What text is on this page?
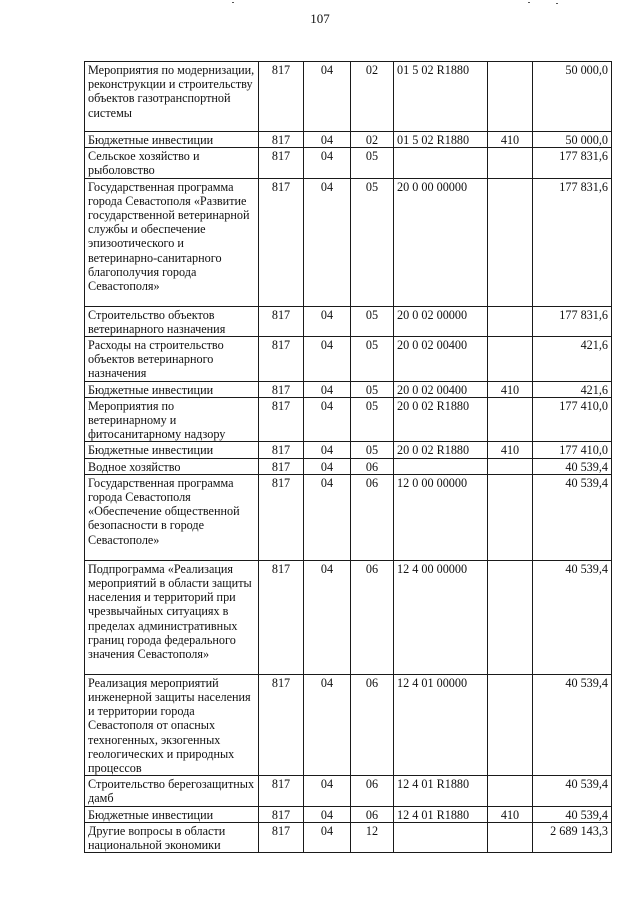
107
Мероприятия по модернизации, реконструкции и строительству объектов газотранспортной системы	817	04	02	01 5 02 R1880		50 000,0
Бюджетные инвестиции	817	04	02	01 5 02 R1880	410	50 000,0
Сельское хозяйство и рыболовство	817	04	05			177 831,6
Государственная программа города Севастополя «Развитие государственной ветеринарной службы и обеспечение эпизоотического и ветеринарно-санитарного благополучия города Севастополя»	817	04	05	20 0 00 00000		177 831,6
Строительство объектов ветеринарного назначения	817	04	05	20 0 02 00000		177 831,6
Расходы на строительство объектов ветеринарного назначения	817	04	05	20 0 02 00400		421,6
Бюджетные инвестиции	817	04	05	20 0 02 00400	410	421,6
Мероприятия по ветеринарному и фитосанитарному надзору	817	04	05	20 0 02 R1880		177 410,0
Бюджетные инвестиции	817	04	05	20 0 02 R1880	410	177 410,0
Водное хозяйство	817	04	06			40 539,4
Государственная программа города Севастополя «Обеспечение общественной безопасности в городе Севастополе»	817	04	06	12 0 00 00000		40 539,4
Подпрограмма «Реализация мероприятий в области защиты населения и территорий при чрезвычайных ситуациях в пределах административных границ города федерального значения Севастополя»	817	04	06	12 4 00 00000		40 539,4
Реализация мероприятий инженерной защиты населения и территории города Севастополя от опасных техногенных, экзогенных геологических и природных процессов	817	04	06	12 4 01 00000		40 539,4
Строительство берегозащитных дамб	817	04	06	12 4 01 R1880		40 539,4
Бюджетные инвестиции	817	04	06	12 4 01 R1880	410	40 539,4
Другие вопросы в области национальной экономики	817	04	12			2 689 143,3
